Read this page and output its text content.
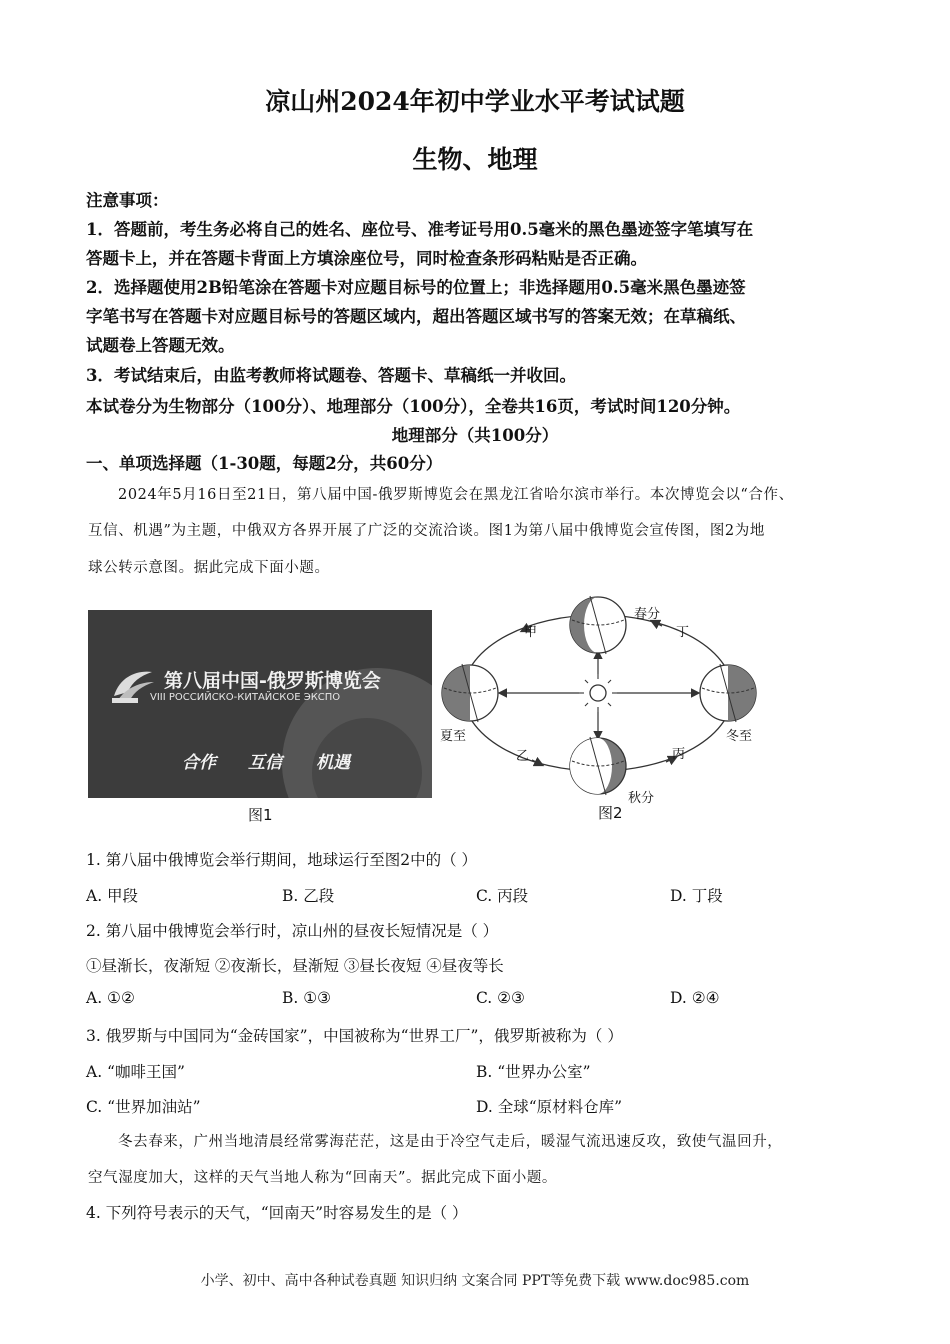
凉山州2024年初中学业水平考试试题
生物、地理
注意事项：
1．答题前，考生务必将自己的姓名、座位号、准考证号用0.5毫米的黑色墨迹签字笔填写在
答题卡上，并在答题卡背面上方填涂座位号，同时检查条形码粘贴是否正确。
2．选择题使用2B铅笔涂在答题卡对应题目标号的位置上；非选择题用0.5毫米黑色墨迹签
字笔书写在答题卡对应题目标号的答题区域内，超出答题区域书写的答案无效；在草稿纸、
试题卷上答题无效。
3．考试结束后，由监考教师将试题卷、答题卡、草稿纸一并收回。
本试卷分为生物部分（100分）、地理部分（100分），全卷共16页，考试时间120分钟。
地理部分（共100分）
一、单项选择题（1-30题，每题2分，共60分）
2024年5月16日至21日，第八届中国-俄罗斯博览会在黑龙江省哈尔滨市举行。本次博览会以“合作、
互信、机遇”为主题，中俄双方各界开展了广泛的交流洽谈。图1为第八届中俄博览会宣传图，图2为地
球公转示意图。据此完成下面小题。
第八届中国-俄罗斯博览会
VIII РОССИЙСКО-КИТАЙСКОЕ ЭКСПО
合作 互信 机遇
图1
春分
夏至	冬至
秋分
甲
乙	丙
丁
图2
1. 第八届中俄博览会举行期间，地球运行至图2中的（ ）
A. 甲段	B. 乙段	C. 丙段	D. 丁段
2. 第八届中俄博览会举行时，凉山州的昼夜长短情况是（ ）
①昼渐长，夜渐短 ②夜渐长，昼渐短 ③昼长夜短 ④昼夜等长
A. ①②	B. ①③	C. ②③	D. ②④
3. 俄罗斯与中国同为“金砖国家”，中国被称为“世界工厂”，俄罗斯被称为（ ）
A. “咖啡王国”	B. “世界办公室”
C. “世界加油站”	D. 全球“原材料仓库”
冬去春来，广州当地清晨经常雾海茫茫，这是由于冷空气走后，暖湿气流迅速反攻，致使气温回升，
空气湿度加大，这样的天气当地人称为“回南天”。据此完成下面小题。
4. 下列符号表示的天气，“回南天”时容易发生的是（ ）
小学、初中、高中各种试卷真题 知识归纳 文案合同 PPT等免费下载 www.doc985.com
